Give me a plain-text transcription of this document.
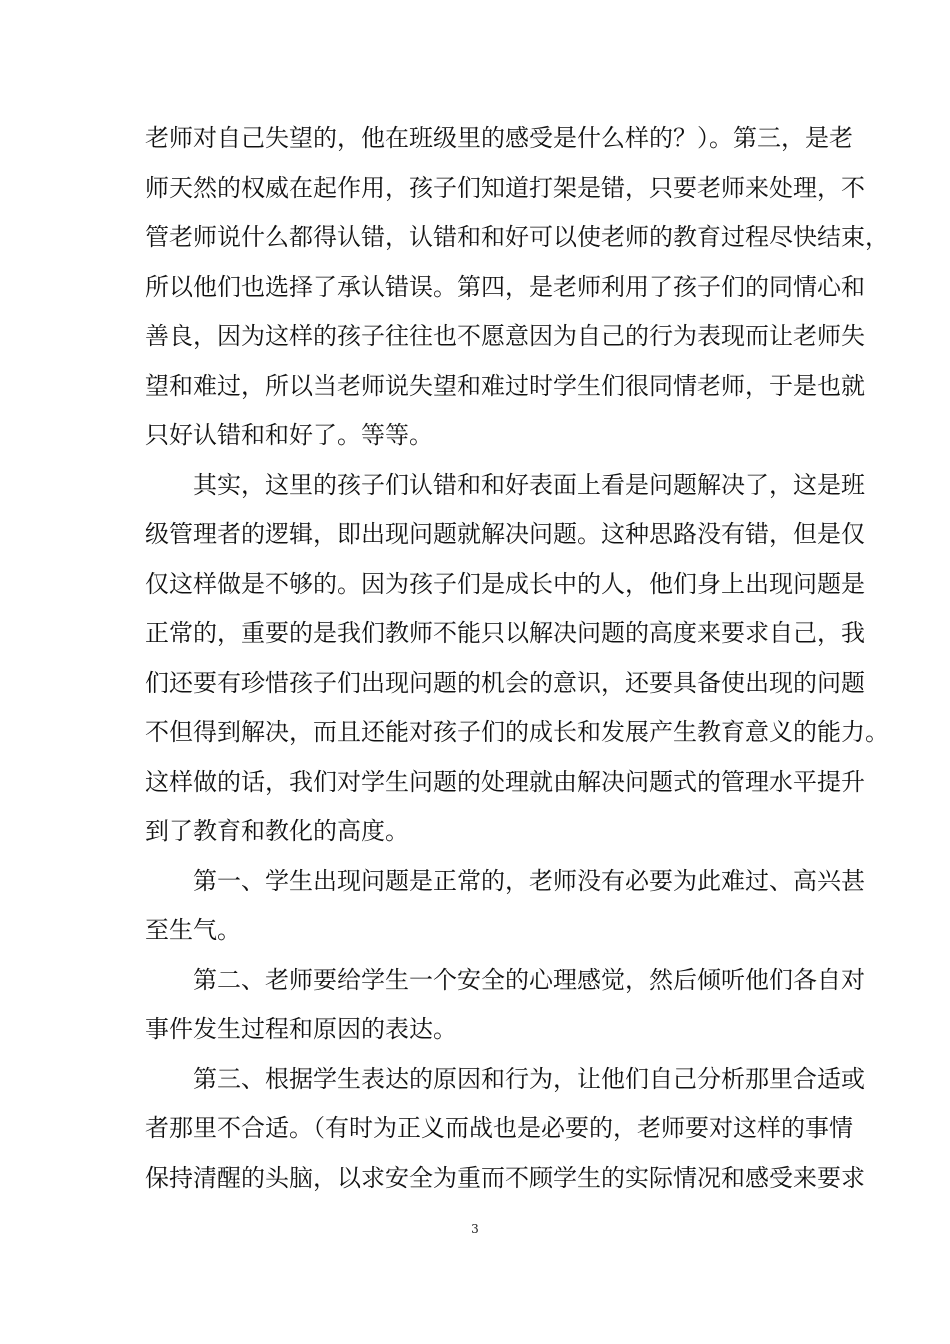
老师对自己失望的，他在班级里的感受是什么样的？）。第三，是老
师天然的权威在起作用，孩子们知道打架是错，只要老师来处理，不
管老师说什么都得认错，认错和和好可以使老师的教育过程尽快结束，
所以他们也选择了承认错误。第四，是老师利用了孩子们的同情心和
善良，因为这样的孩子往往也不愿意因为自己的行为表现而让老师失
望和难过，所以当老师说失望和难过时学生们很同情老师，于是也就
只好认错和和好了。等等。
其实，这里的孩子们认错和和好表面上看是问题解决了，这是班
级管理者的逻辑，即出现问题就解决问题。这种思路没有错，但是仅
仅这样做是不够的。因为孩子们是成长中的人，他们身上出现问题是
正常的，重要的是我们教师不能只以解决问题的高度来要求自己，我
们还要有珍惜孩子们出现问题的机会的意识，还要具备使出现的问题
不但得到解决，而且还能对孩子们的成长和发展产生教育意义的能力。
这样做的话，我们对学生问题的处理就由解决问题式的管理水平提升
到了教育和教化的高度。
第一、学生出现问题是正常的，老师没有必要为此难过、高兴甚
至生气。
第二、老师要给学生一个安全的心理感觉，然后倾听他们各自对
事件发生过程和原因的表达。
第三、根据学生表达的原因和行为，让他们自己分析那里合适或
者那里不合适。（有时为正义而战也是必要的，老师要对这样的事情
保持清醒的头脑，以求安全为重而不顾学生的实际情况和感受来要求
3
